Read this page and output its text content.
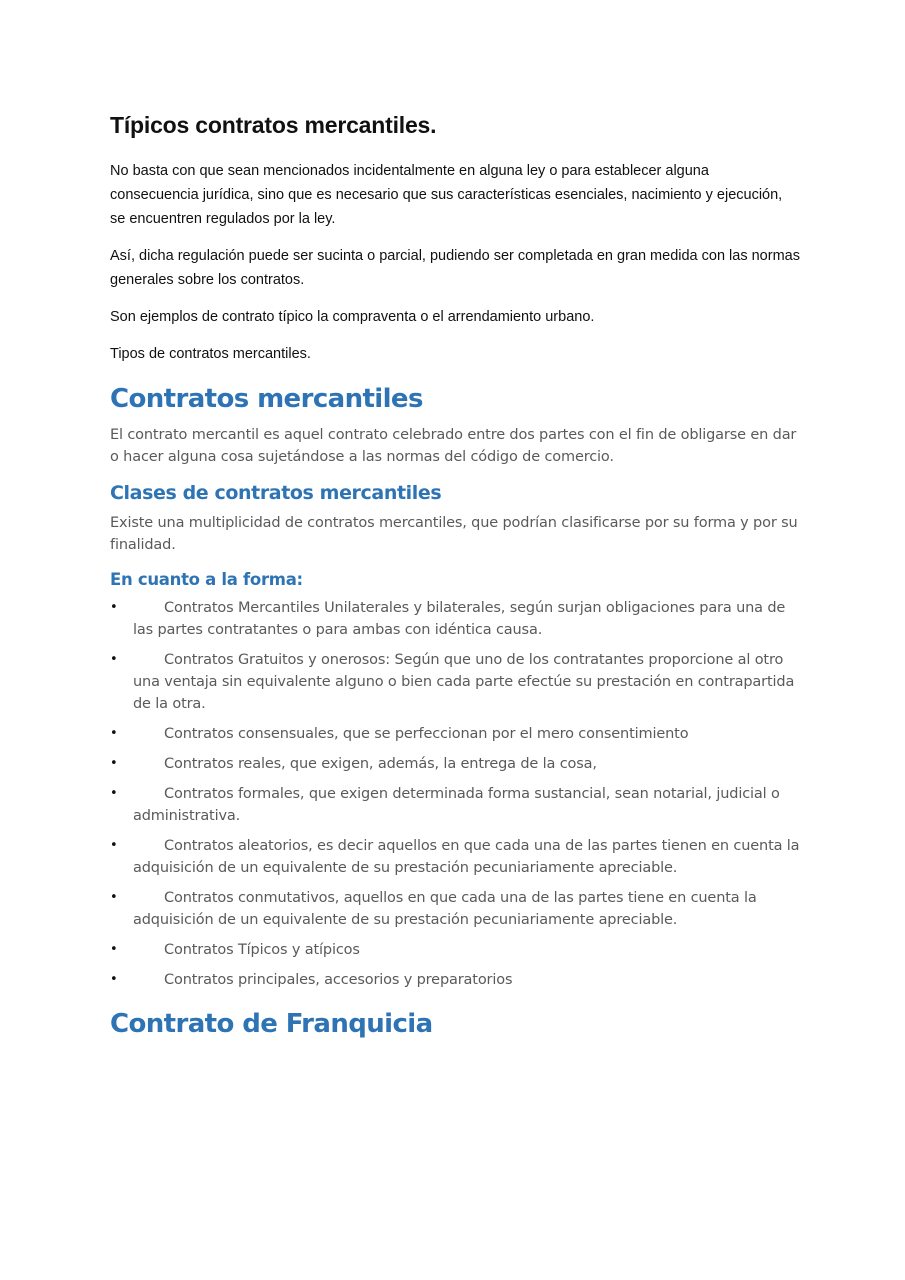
Típicos contratos mercantiles.

No basta con que sean mencionados incidentalmente en alguna ley o para establecer alguna consecuencia jurídica, sino que es necesario que sus características esenciales, nacimiento y ejecución, se encuentren regulados por la ley.

Así, dicha regulación puede ser sucinta o parcial, pudiendo ser completada en gran medida con las normas generales sobre los contratos.

Son ejemplos de contrato típico la compraventa o el arrendamiento urbano.

Tipos de contratos mercantiles.

Contratos mercantiles

El contrato mercantil es aquel contrato celebrado entre dos partes con el fin de obligarse en dar o hacer alguna cosa sujetándose a las normas del código de comercio.

Clases de contratos mercantiles

Existe una multiplicidad de contratos mercantiles, que podrían clasificarse por su forma y por su finalidad.

En cuanto a la forma:
•	Contratos Mercantiles Unilaterales y bilaterales, según surjan obligaciones para una de las partes contratantes o para ambas con idéntica causa.
•	Contratos Gratuitos y onerosos: Según que uno de los contratantes proporcione al otro una ventaja sin equivalente alguno o bien cada parte efectúe su prestación en contrapartida de la otra.
•	Contratos consensuales, que se perfeccionan por el mero consentimiento
•	Contratos reales, que exigen, además, la entrega de la cosa,
•	Contratos formales, que exigen determinada forma sustancial, sean notarial, judicial o administrativa.
•	Contratos aleatorios, es decir aquellos en que cada una de las partes tienen en cuenta la adquisición de un equivalente de su prestación pecuniariamente apreciable.
•	Contratos conmutativos, aquellos en que cada una de las partes tiene en cuenta la adquisición de un equivalente de su prestación pecuniariamente apreciable.
•	Contratos Típicos y atípicos
•	Contratos principales, accesorios y preparatorios
Contrato de Franquicia
